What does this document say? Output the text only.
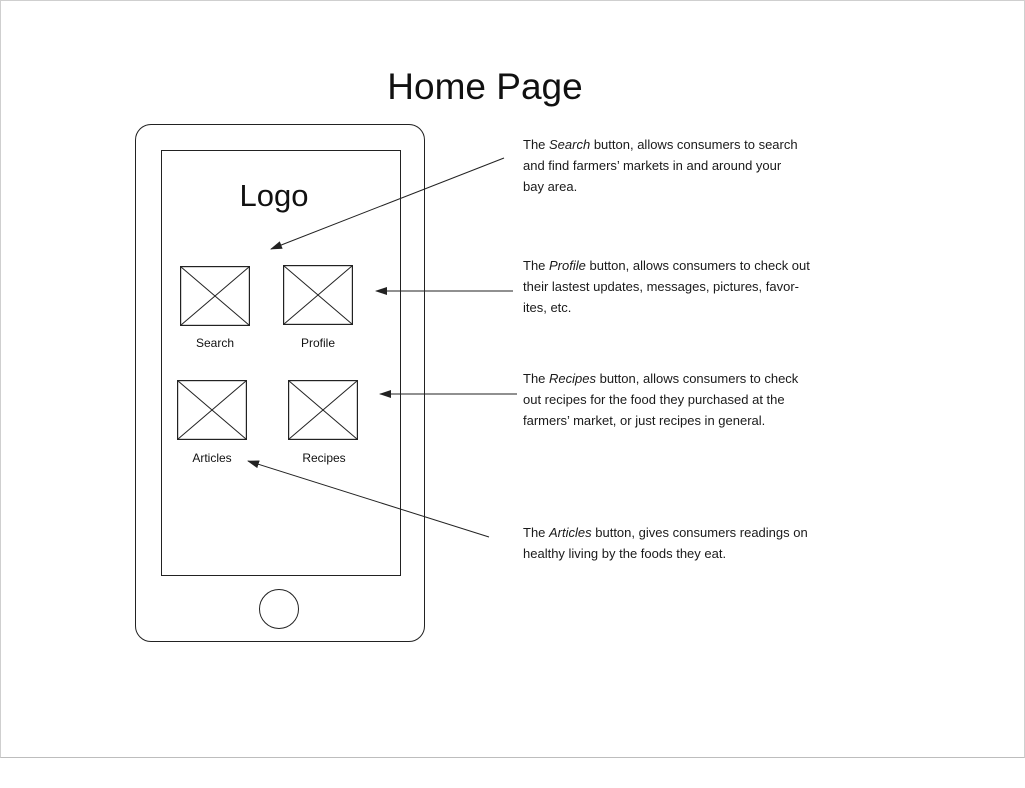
Home Page
Logo
Search	Profile
Articles	Recipes
The Search button, allows consumers to search
and find farmers’ markets in and around your
bay area.
The Profile button, allows consumers to check out
their lastest updates, messages, pictures, favor-
ites, etc.
The Recipes button, allows consumers to check
out recipes for the food they purchased at the
farmers’ market, or just recipes in general.
The Articles button, gives consumers readings on
healthy living by the foods they eat.
